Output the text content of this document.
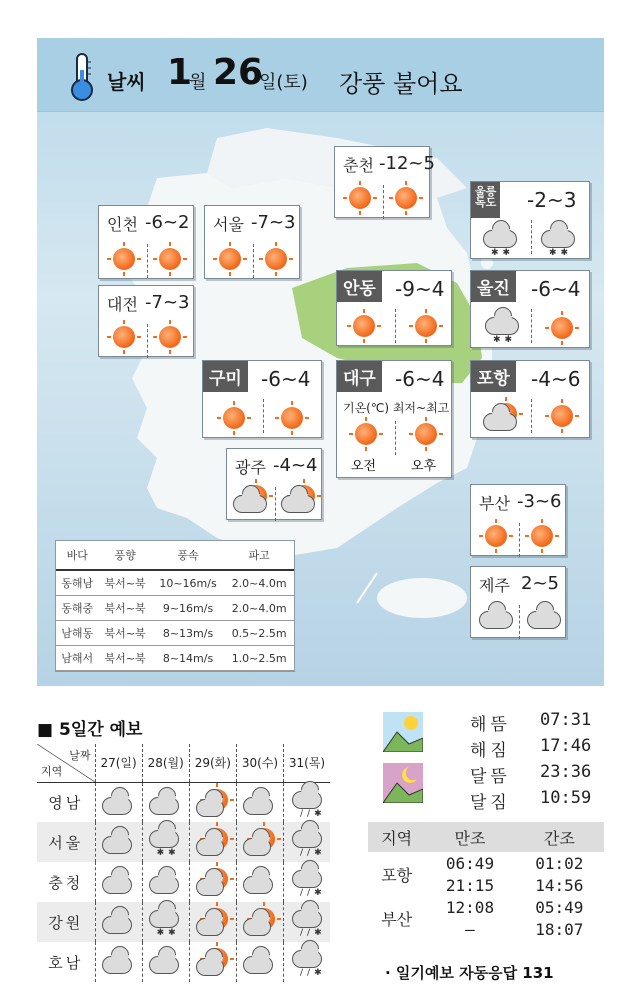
날씨 1
월 26
일(토) 강풍 불어요
춘천 -12~5
울릉
독도 -2~3
✱✱	✱✱
인천 -6~2 서울 -7~3
대전 -7~3
안동 -9~4	울진	-6~4
✱✱
구미 -6~4	대구 -6~4
기온(℃) 최저~최고
오전	오후
포항	-4~6
광주 -4~4
부산 -3~6
제주 2~5
바다	풍향	풍속	파고
동해남	북서~북	10~16m/s	2.0~4.0m
동해중	북서~북	9~16m/s	2.0~4.0m
남해동	북서~북	8~13m/s	0.5~2.5m
남해서	북서~북	8~14m/s	1.0~2.5m
■ 5일간 예보
날짜
지역	27(일)	28(월)	29(화)	30(수)	31(목)
영남					//✱

서울		✱✱			//✱

충청					//✱

강원		✱✱			//✱

호남					//✱
해뜸 07:31
해짐 17:46
달뜸 23:36
달짐 10:59
지역	만조	간조
포항	06:49	01:02
	21:15	14:56
부산	12:08	05:49
	–	18:07
· 일기예보 자동응답 131
